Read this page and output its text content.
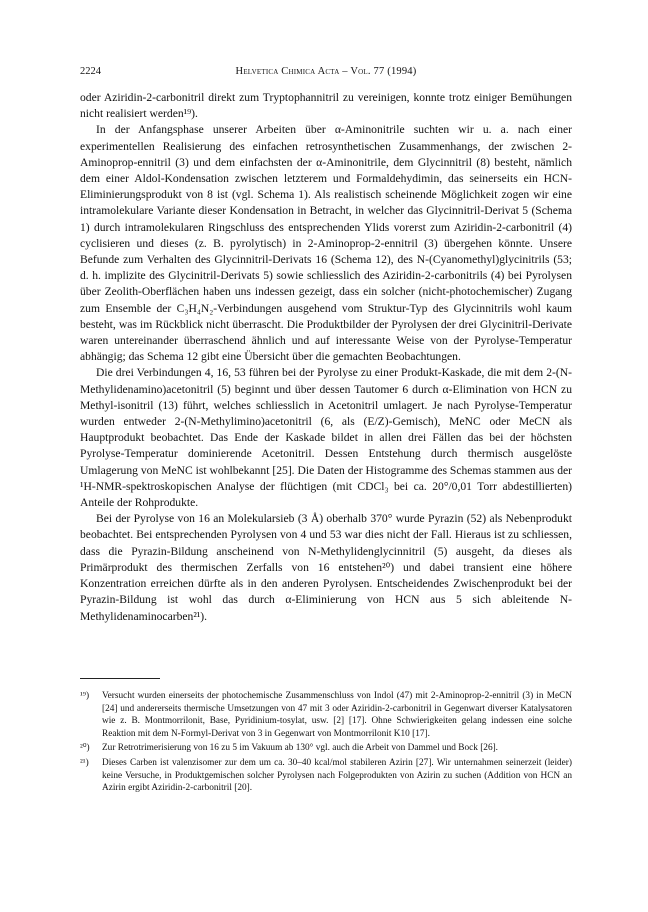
2224	Helvetica Chimica Acta – Vol. 77 (1994)

oder Aziridin-2-carbonitril direkt zum Tryptophannitril zu vereinigen, konnte trotz einiger Bemühungen nicht realisiert werden¹⁹).

In der Anfangsphase unserer Arbeiten über α-Aminonitrile suchten wir u. a. nach einer experimentellen Realisierung des einfachen retrosynthetischen Zusammenhangs, der zwischen 2-Aminoprop-ennitril (3) und dem einfachsten der α-Aminonitrile, dem Glycinnitril (8) besteht, nämlich dem einer Aldol-Kondensation zwischen letzterem und Formaldehydimin, das seinerseits ein HCN-Eliminierungsprodukt von 8 ist (vgl. Schema 1). Als realistisch scheinende Möglichkeit zogen wir eine intramolekulare Variante dieser Kondensation in Betracht, in welcher das Glycinnitril-Derivat 5 (Schema 1) durch intramolekularen Ringschluss des entsprechenden Ylids vorerst zum Aziridin-2-carbonitril (4) cyclisieren und dieses (z. B. pyrolytisch) in 2-Aminoprop-2-ennitril (3) übergehen könnte. Unsere Befunde zum Verhalten des Glycinnitril-Derivats 16 (Schema 12), des N-(Cyanomethyl)glycinitrils (53; d. h. implizite des Glycinitril-Derivats 5) sowie schliesslich des Aziridin-2-carbonitrils (4) bei Pyrolysen über Zeolith-Oberflächen haben uns indessen gezeigt, dass ein solcher (nicht-photochemischer) Zugang zum Ensemble der C₃H₄N₂-Verbindungen ausgehend vom Struktur-Typ des Glycinnitrils wohl kaum besteht, was im Rückblick nicht überrascht. Die Produktbilder der Pyrolysen der drei Glycinitril-Derivate waren untereinander überraschend ähnlich und auf interessante Weise von der Pyrolyse-Temperatur abhängig; das Schema 12 gibt eine Übersicht über die gemachten Beobachtungen.

Die drei Verbindungen 4, 16, 53 führen bei der Pyrolyse zu einer Produkt-Kaskade, die mit dem 2-(N-Methylidenamino)acetonitril (5) beginnt und über dessen Tautomer 6 durch α-Elimination von HCN zu Methyl-isonitril (13) führt, welches schliesslich in Acetonitril umlagert. Je nach Pyrolyse-Temperatur wurden entweder 2-(N-Methylimino)acetonitril (6, als (E/Z)-Gemisch), MeNC oder MeCN als Hauptprodukt beobachtet. Das Ende der Kaskade bildet in allen drei Fällen das bei der höchsten Pyrolyse-Temperatur dominierende Acetonitril. Dessen Entstehung durch thermisch ausgelöste Umlagerung von MeNC ist wohlbekannt [25]. Die Daten der Histogramme des Schemas stammen aus der ¹H-NMR-spektroskopischen Analyse der flüchtigen (mit CDCl₃ bei ca. 20°/0,01 Torr abdestillierten) Anteile der Rohprodukte.

Bei der Pyrolyse von 16 an Molekularsieb (3 Å) oberhalb 370° wurde Pyrazin (52) als Nebenprodukt beobachtet. Bei entsprechenden Pyrolysen von 4 und 53 war dies nicht der Fall. Hieraus ist zu schliessen, dass die Pyrazin-Bildung anscheinend von N-Methylidenglycinnitril (5) ausgeht, da dieses als Primärprodukt des thermischen Zerfalls von 16 entstehen²⁰) und dabei transient eine höhere Konzentration erreichen dürfte als in den anderen Pyrolysen. Entscheidendes Zwischenprodukt bei der Pyrazin-Bildung ist wohl das durch α-Eliminierung von HCN aus 5 sich ableitende N-Methylidenaminocarben²¹).

¹⁹)	Versucht wurden einerseits der photochemische Zusammenschluss von Indol (47) mit 2-Aminoprop-2-ennitril (3) in MeCN [24] und andererseits thermische Umsetzungen von 47 mit 3 oder Aziridin-2-carbonitril in Gegenwart diverser Katalysatoren wie z. B. Montmorrilonit, Base, Pyridinium-tosylat, usw. [2] [17]. Ohne Schwierigkeiten gelang indessen eine solche Reaktion mit dem N-Formyl-Derivat von 3 in Gegenwart von Montmorrilonit K10 [17].
²⁰)	Zur Retrotrimerisierung von 16 zu 5 im Vakuum ab 130° vgl. auch die Arbeit von Dammel und Bock [26].
²¹)	Dieses Carben ist valenzisomer zur dem um ca. 30–40 kcal/mol stabileren Azirin [27]. Wir unternahmen seinerzeit (leider) keine Versuche, in Produktgemischen solcher Pyrolysen nach Folgeprodukten von Azirin zu suchen (Addition von HCN an Azirin ergibt Aziridin-2-carbonitril [20].
